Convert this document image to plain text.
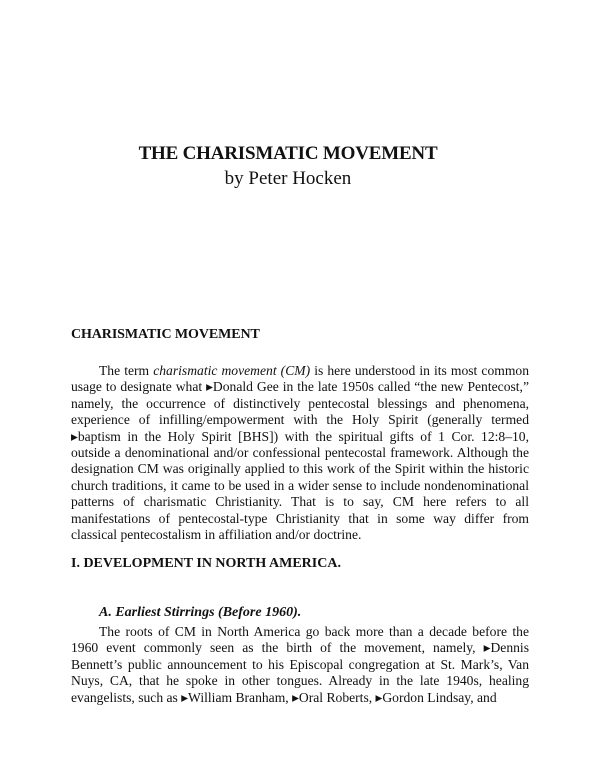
THE CHARISMATIC MOVEMENT
by Peter Hocken
CHARISMATIC MOVEMENT

The term charismatic movement (CM) is here understood in its most common usage to designate what ▸Donald Gee in the late 1950s called “the new Pentecost,” namely, the occurrence of distinctively pentecostal blessings and phenomena, experience of infilling/empowerment with the Holy Spirit (generally termed ▸baptism in the Holy Spirit [BHS]) with the spiritual gifts of 1 Cor. 12:8–10, outside a denominational and/or confessional pentecostal framework. Although the designation CM was originally applied to this work of the Spirit within the historic church traditions, it came to be used in a wider sense to include nondenominational patterns of charismatic Christianity. That is to say, CM here refers to all manifestations of pentecostal-type Christianity that in some way differ from classical pentecostalism in affiliation and/or doctrine.

I. DEVELOPMENT IN NORTH AMERICA.
A. Earliest Stirrings (Before 1960).

The roots of CM in North America go back more than a decade before the 1960 event commonly seen as the birth of the movement, namely, ▸Dennis Bennett’s public announcement to his Episcopal congregation at St. Mark’s, Van Nuys, CA, that he spoke in other tongues. Already in the late 1940s, healing evangelists, such as ▸William Branham, ▸Oral Roberts, ▸Gordon Lindsay, and
